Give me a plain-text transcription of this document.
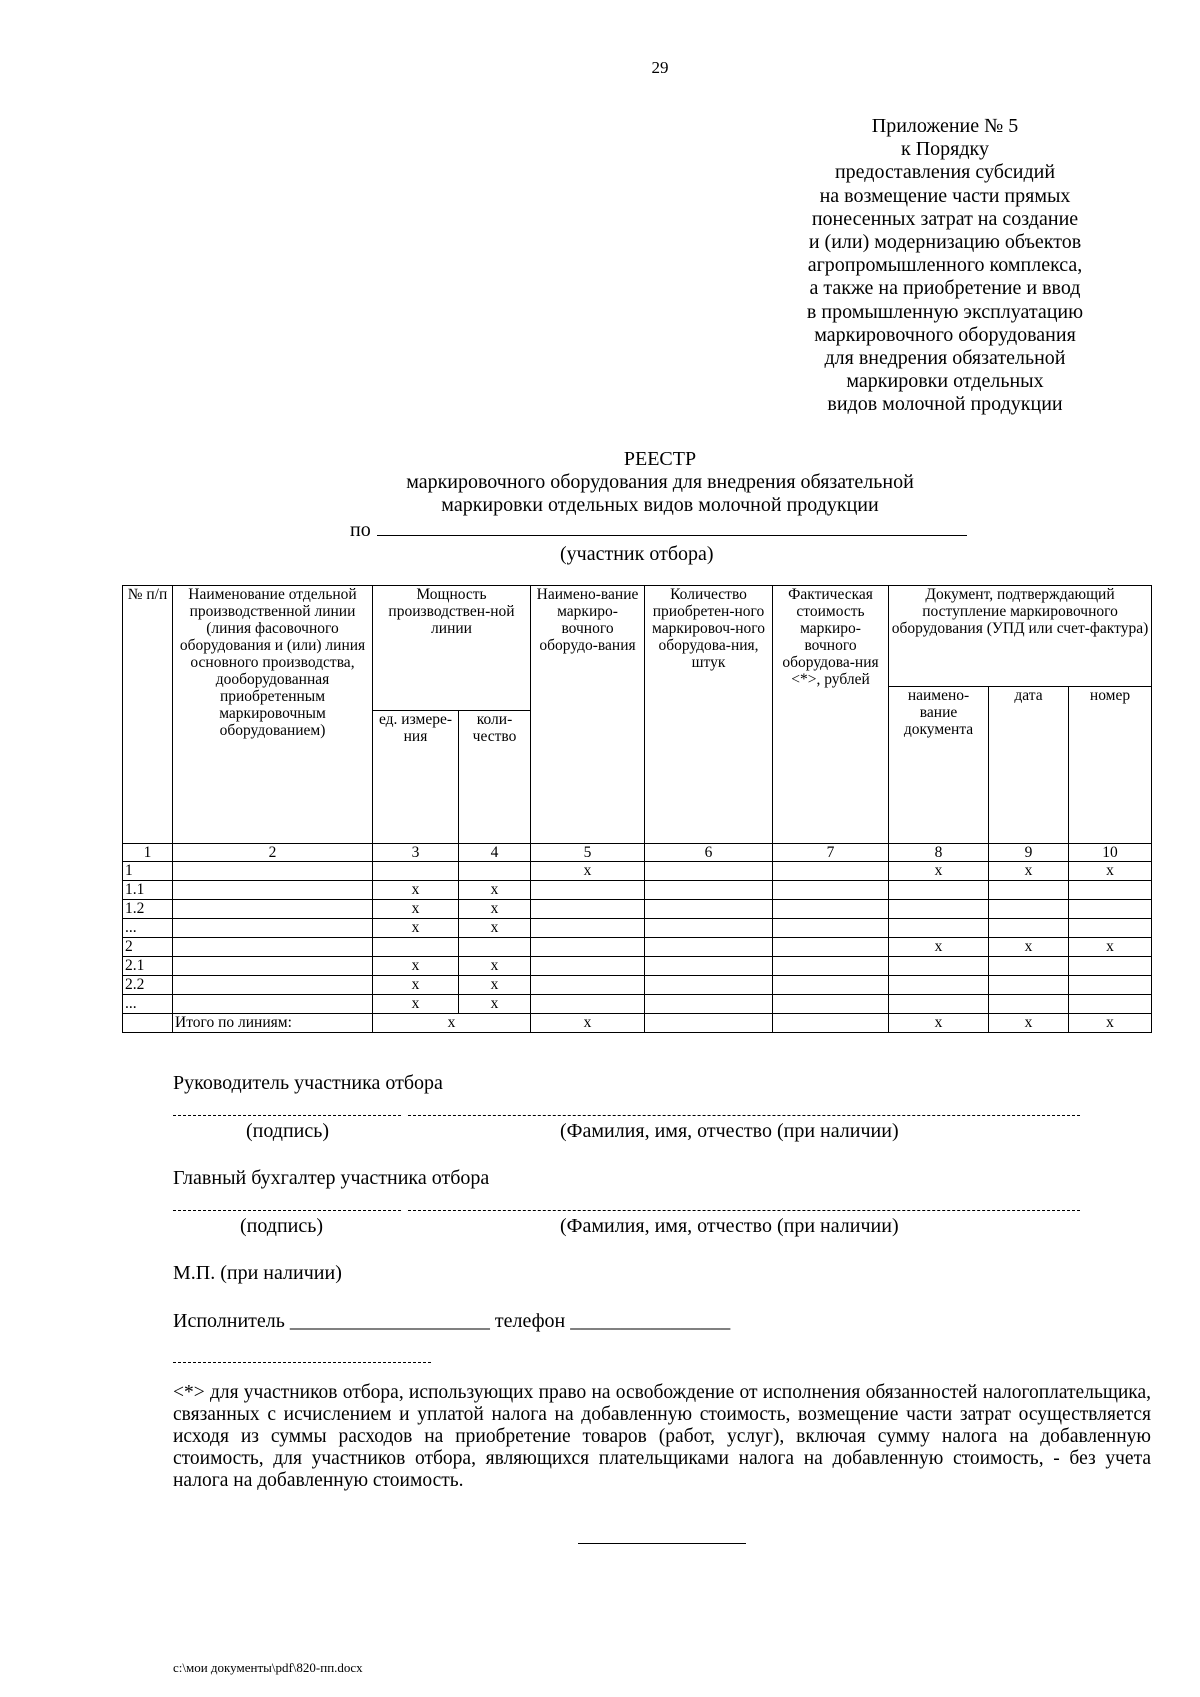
29
Приложение № 5
к Порядку
предоставления субсидий
на возмещение части прямых
понесенных затрат на создание
и (или) модернизацию объектов
агропромышленного комплекса,
а также на приобретение и ввод
в промышленную эксплуатацию
маркировочного оборудования
для внедрения обязательной
маркировки отдельных
видов молочной продукции
РЕЕСТР
маркировочного оборудования для внедрения обязательной
маркировки отдельных видов молочной продукции
по
(участник отбора)
№ п/п	Наименование отдельной производственной линии (линия фасовочного оборудования и (или) линия основного производства, дооборудованная приобретенным маркировочным оборудованием)	Мощность производствен-ной линии		Наимено-вание маркиро-вочного оборудо-вания	Количество приобретен-ного маркировоч-ного оборудова-ния, штук	Фактическая стоимость маркиро-вочного оборудова-ния <*>, рублей	Документ, подтверждающий поступление маркировочного оборудования (УПД или счет-фактура)		
							наимено-вание документа	дата	номер
		ед. измере-ния	коли-чество						
1	2	3	4	5	6	7	8	9	10
1				х			х	х	х
1.1		х	х						
1.2		х	х						
...		х	х						
2							х	х	х
2.1		х	х						
2.2		х	х						
...		х	х						
	Итого по линиям:	х		х			х	х	х
Руководитель участника отбора
(подпись)	(Фамилия, имя, отчество (при наличии)
Главный бухгалтер участника отбора
(подпись)	(Фамилия, имя, отчество (при наличии)
М.П. (при наличии)
Исполнитель ____________________ телефон ________________
<*> для участников отбора, использующих право на освобождение от исполнения обязанностей налогоплательщика, связанных с исчислением и уплатой налога на добавленную стоимость, возмещение части затрат осуществляется исходя из суммы расходов на приобретение товаров (работ, услуг), включая сумму налога на добавленную стоимость, для участников отбора, являющихся плательщиками налога на добавленную стоимость, - без учета налога на добавленную стоимость.
c:\мои документы\pdf\820-пп.docx
